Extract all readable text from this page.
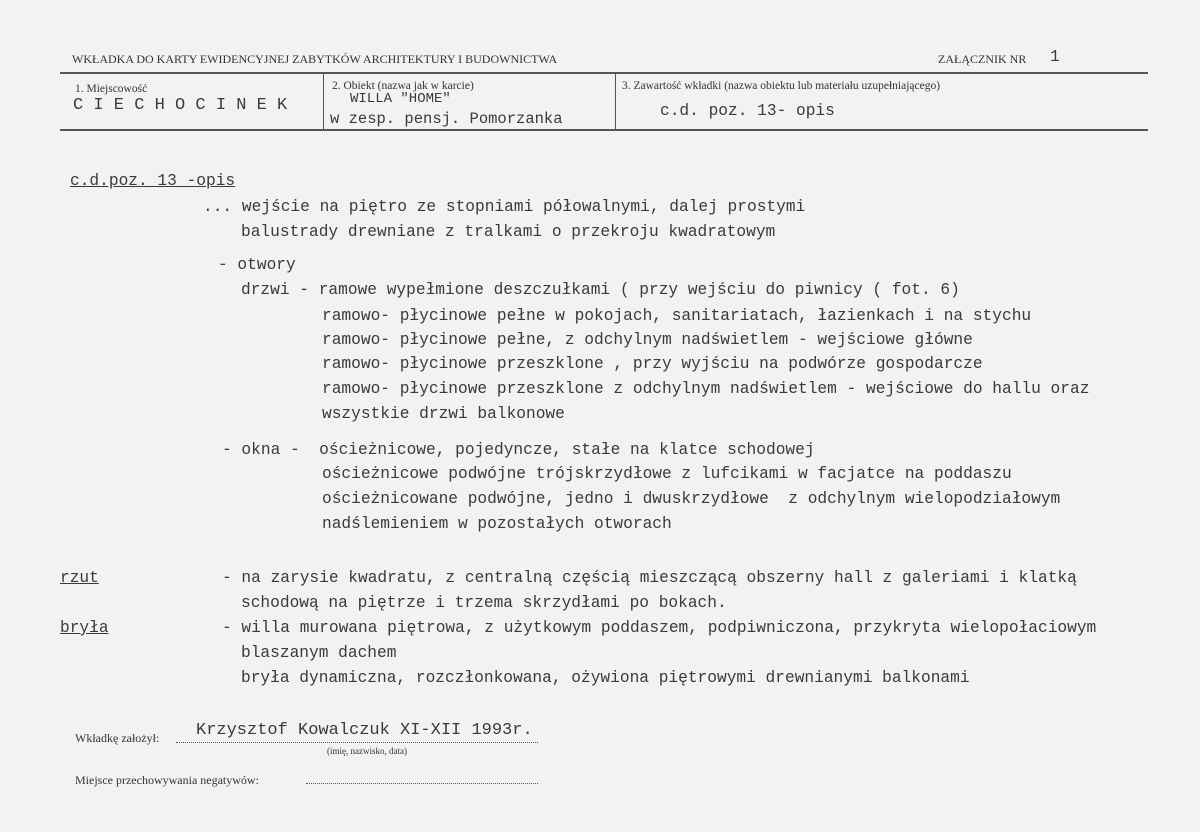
WKŁADKA DO KARTY EWIDENCYJNEJ ZABYTKÓW ARCHITEKTURY I BUDOWNICTWA	ZAŁĄCZNIK NR 1
1. Miejscowość
C I E C H O C I N E K
2. Obiekt (nazwa jak w karcie)
WILLA "HOME"
w zesp. pensj. Pomorzanka
3. Zawartość wkładki (nazwa obiektu lub materiału uzupełniającego)
c.d. poz. 13- opis
c.d.poz. 13 -opis
... wejście na piętro ze stopniami półowalnymi, dalej prostymi
balustrady drewniane z tralkami o przekroju kwadratowym
- otwory
drzwi - ramowe wypełmione deszczułkami ( przy wejściu do piwnicy ( fot. 6)
ramowo- płycinowe pełne w pokojach, sanitariatach, łazienkach i na stychu
ramowo- płycinowe pełne, z odchylnym nadświetlem - wejściowe główne
ramowo- płycinowe przeszklone , przy wyjściu na podwórze gospodarcze
ramowo- płycinowe przeszklone z odchylnym nadświetlem - wejściowe do hallu oraz
wszystkie drzwi balkonowe
- okna -  ościeżnicowe, pojedyncze, stałe na klatce schodowej
ościeżnicowe podwójne trójskrzydłowe z lufcikami w facjatce na poddaszu
ościeżnicowane podwójne, jedno i dwuskrzydłowe  z odchylnym wielopodziałowym
nadślemieniem w pozostałych otworach
rzut	- na zarysie kwadratu, z centralną częścią mieszczącą obszerny hall z galeriami i klatką
schodową na piętrze i trzema skrzydłami po bokach.
bryła	- willa murowana piętrowa, z użytkowym poddaszem, podpiwniczona, przykryta wielopołaciowym
blaszanym dachem
bryła dynamiczna, rozczłonkowana, ożywiona piętrowymi drewnianymi balkonami
Wkładkę założył: Krzysztof Kowalczuk XI-XII 1993r.
(imię, nazwisko, data)
Miejsce przechowywania negatywów:
